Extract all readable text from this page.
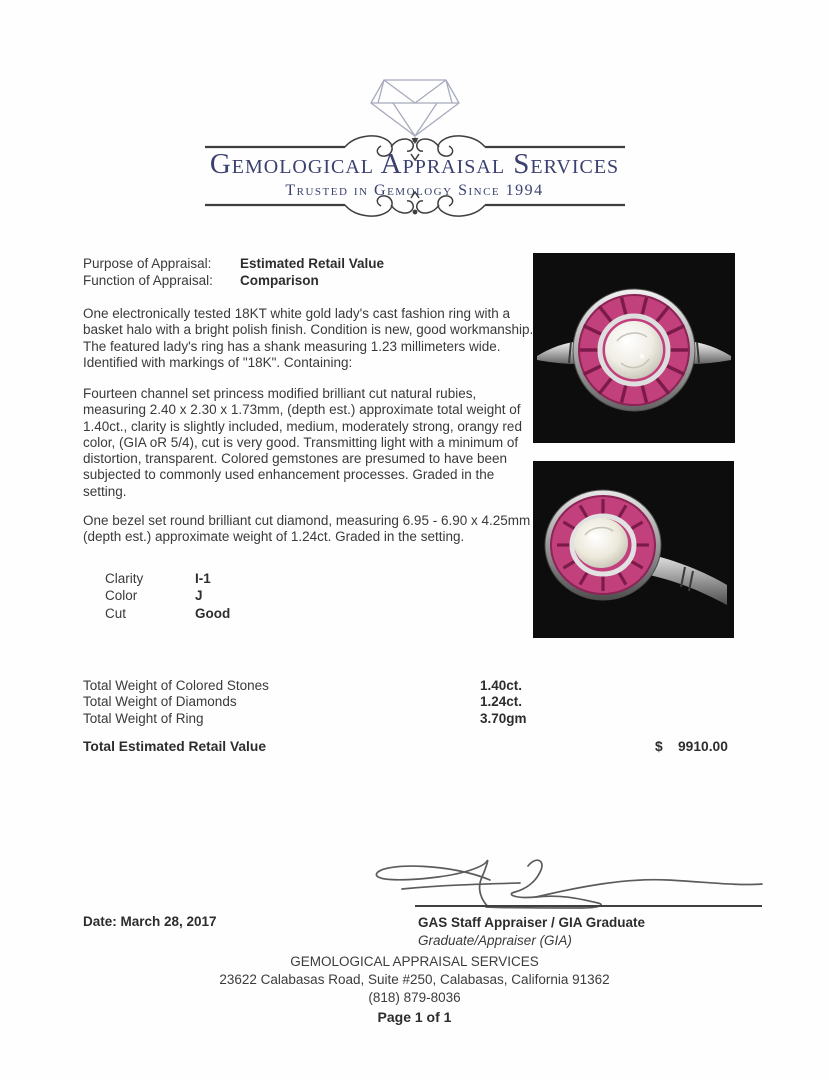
Gemological Appraisal Services
Trusted in Gemology Since 1994
Purpose of Appraisal:	Estimated Retail Value
Function of Appraisal:	Comparison
One electronically tested 18KT white gold lady's cast fashion ring with a basket halo with a bright polish finish. Condition is new, good workmanship. The featured lady's ring has a shank measuring 1.23 millimeters wide. Identified with markings of "18K". Containing:
Fourteen channel set princess modified brilliant cut natural rubies, measuring 2.40 x 2.30 x 1.73mm, (depth est.) approximate total weight of 1.40ct., clarity is slightly included, medium, moderately strong, orangy red color, (GIA oR 5/4), cut is very good. Transmitting light with a minimum of distortion, transparent. Colored gemstones are presumed to have been subjected to commonly used enhancement processes. Graded in the setting.
One bezel set round brilliant cut diamond, measuring 6.95 - 6.90 x 4.25mm (depth est.) approximate weight of 1.24ct. Graded in the setting.
Clarity	I-1
Color	J
Cut	Good
Total Weight of Colored Stones	1.40ct.
Total Weight of Diamonds	1.24ct.
Total Weight of Ring	3.70gm
Total Estimated Retail Value	$ 9910.00
Date: March 28, 2017	GAS Staff Appraiser / GIA Graduate
Graduate/Appraiser (GIA)
GEMOLOGICAL APPRAISAL SERVICES
23622 Calabasas Road, Suite #250, Calabasas, California 91362
(818) 879-8036
Page 1 of 1
